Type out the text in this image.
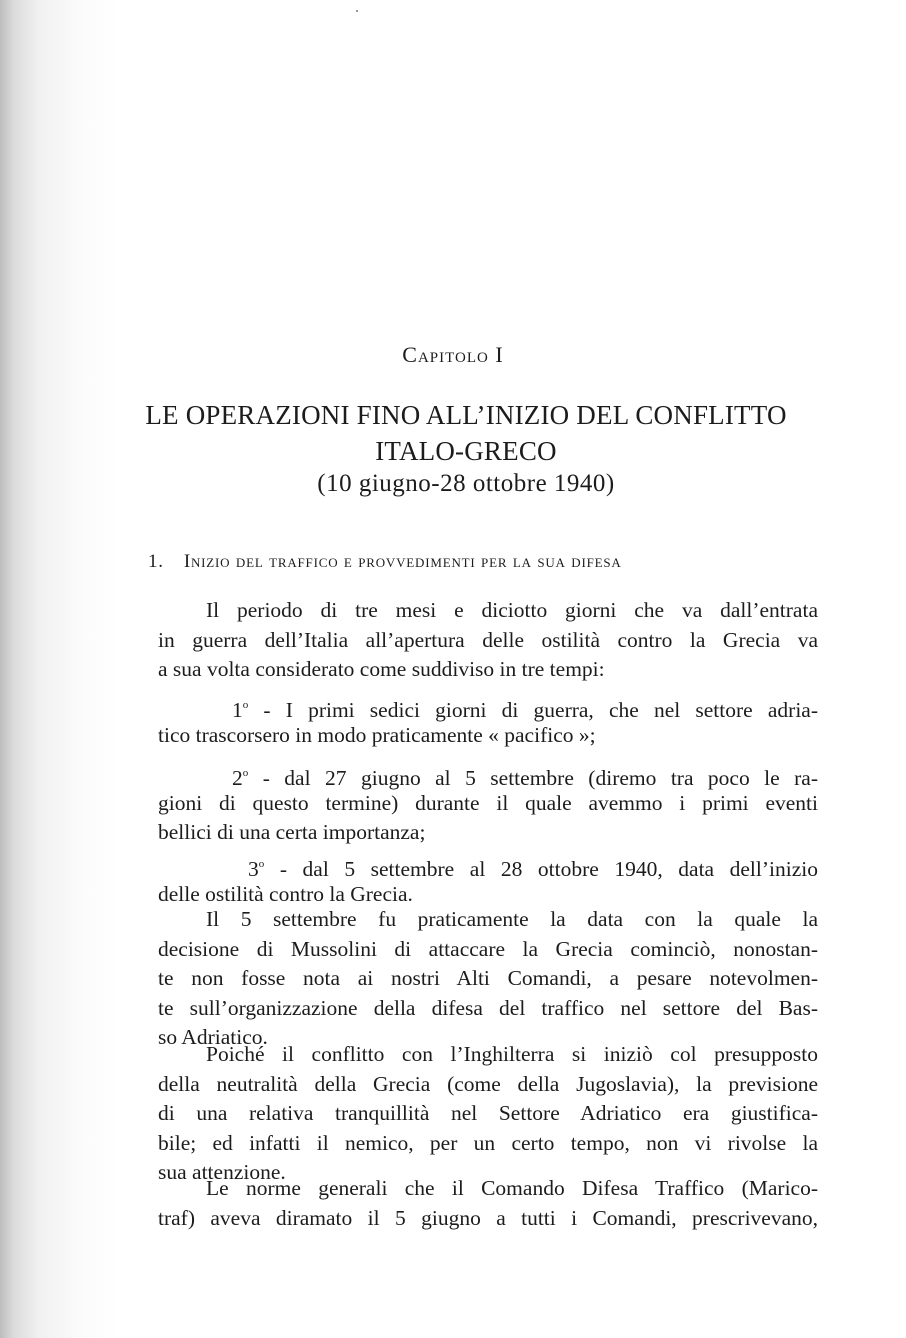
Capitolo I
LE OPERAZIONI FINO ALL’INIZIO DEL CONFLITTO
ITALO-GRECO
(10 giugno-28 ottobre 1940)
1. Inizio del traffico e provvedimenti per la sua difesa
Il periodo di tre mesi e diciotto giorni che va dall’entrata
in guerra dell’Italia all’apertura delle ostilità contro la Grecia va
a sua volta considerato come suddiviso in tre tempi:
1$^o$ - I primi sedici giorni di guerra, che nel settore adria-
tico trascorsero in modo praticamente « pacifico »;
2$^o$ - dal 27 giugno al 5 settembre (diremo tra poco le ra-
gioni di questo termine) durante il quale avemmo i primi eventi
bellici di una certa importanza;
3$^o$ - dal 5 settembre al 28 ottobre 1940, data dell’inizio
delle ostilità contro la Grecia.
Il 5 settembre fu praticamente la data con la quale la
decisione di Mussolini di attaccare la Grecia cominciò, nonostan-
te non fosse nota ai nostri Alti Comandi, a pesare notevolmen-
te sull’organizzazione della difesa del traffico nel settore del Bas-
so Adriatico.
Poiché il conflitto con l’Inghilterra si iniziò col presupposto
della neutralità della Grecia (come della Jugoslavia), la previsione
di una relativa tranquillità nel Settore Adriatico era giustifica-
bile; ed infatti il nemico, per un certo tempo, non vi rivolse la
sua attenzione.
Le norme generali che il Comando Difesa Traffico (Marico-
traf) aveva diramato il 5 giugno a tutti i Comandi, prescrivevano,
